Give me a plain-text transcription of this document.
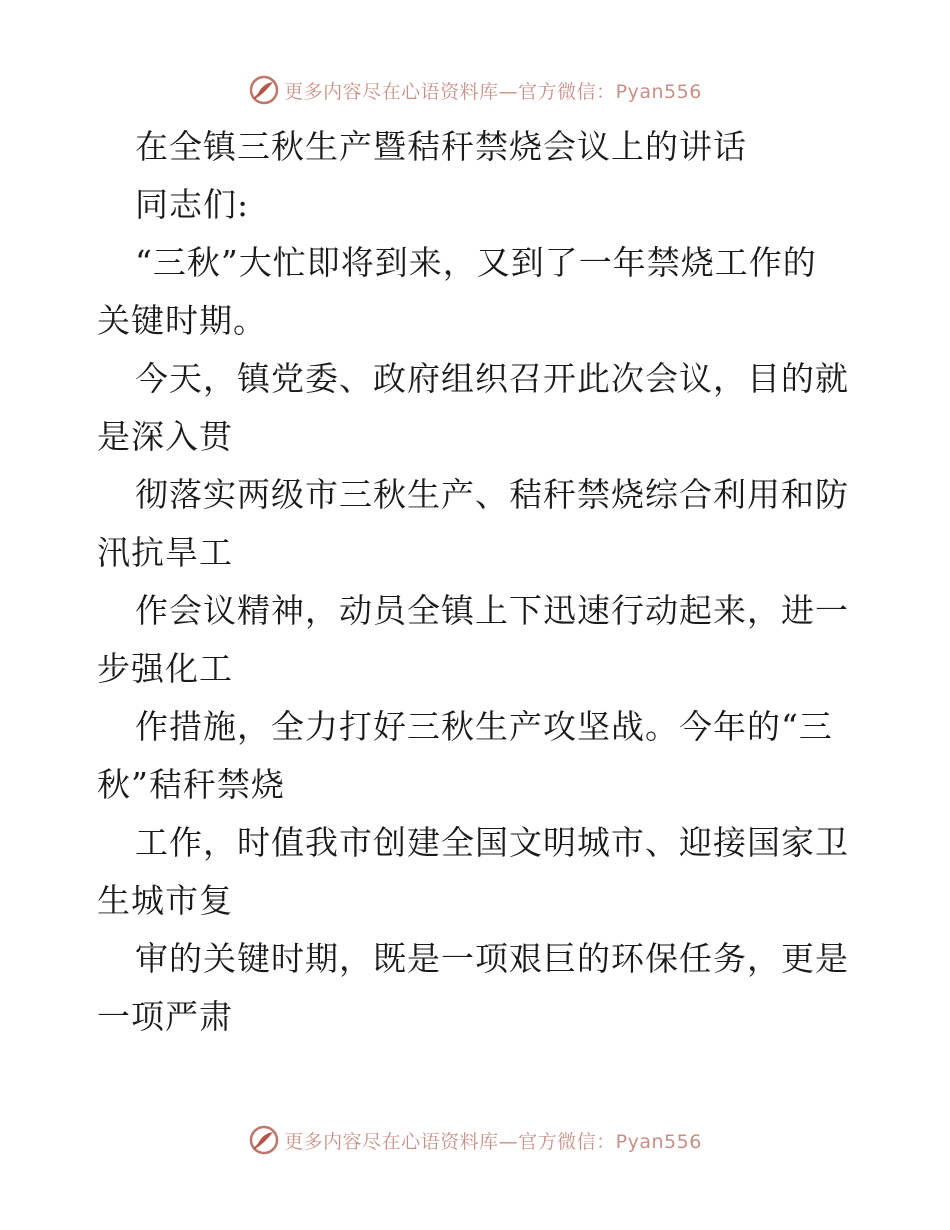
更多内容尽在心语资料库—官方微信：Pyan556
在全镇三秋生产暨秸秆禁烧会议上的讲话
同志们:
“三秋”大忙即将到来，又到了一年禁烧工作的
关键时期。
今天，镇党委、政府组织召开此次会议，目的就
是深入贯
彻落实两级市三秋生产、秸秆禁烧综合利用和防
汛抗旱工
作会议精神，动员全镇上下迅速行动起来，进一
步强化工
作措施，全力打好三秋生产攻坚战。今年的“三
秋”秸秆禁烧
工作，时值我市创建全国文明城市、迎接国家卫
生城市复
审的关键时期，既是一项艰巨的环保任务，更是
一项严肃
更多内容尽在心语资料库—官方微信：Pyan556
